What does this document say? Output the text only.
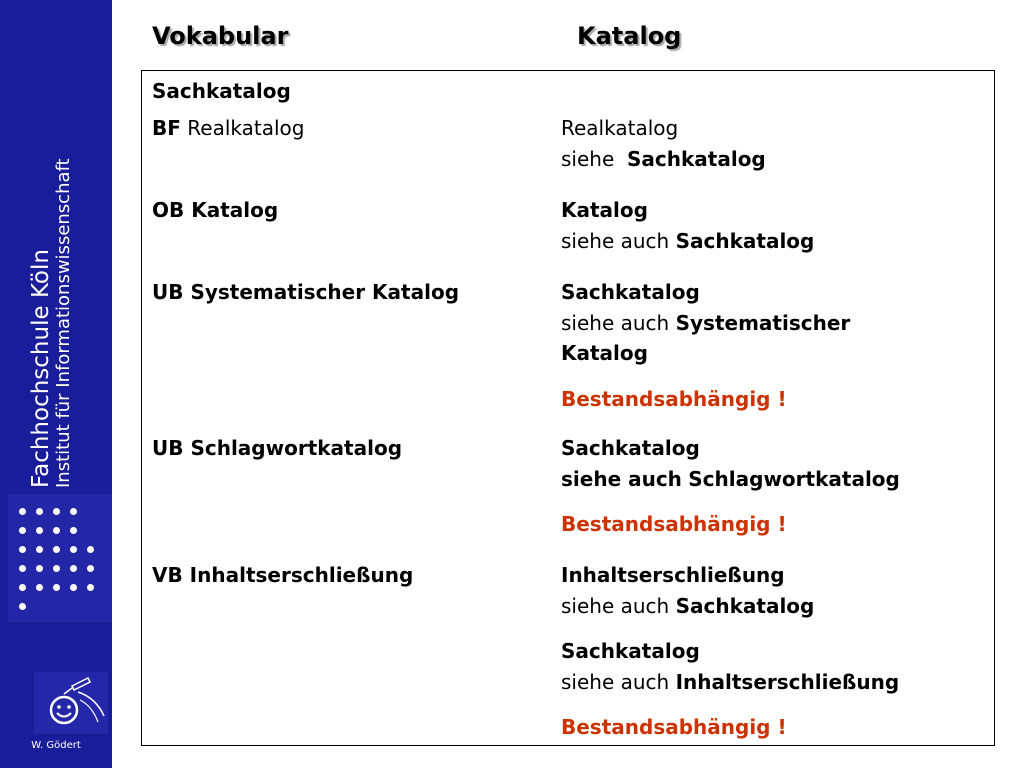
Fachhochschule Köln Institut für Informationswissenschaft
W. Gödert
Vokabular	Katalog
Sachkatalog
BF Realkatalog
OB Katalog
UB Systematischer Katalog
UB Schlagwortkatalog
VB Inhaltserschließung
Realkatalog
siehe Sachkatalog
Katalog
siehe auch Sachkatalog
Sachkatalog
siehe auch Systematischer
Katalog
Bestandsabhängig !
Sachkatalog
siehe auch Schlagwortkatalog
Bestandsabhängig !
Inhaltserschließung
siehe auch Sachkatalog
Sachkatalog
siehe auch Inhaltserschließung
Bestandsabhängig !
